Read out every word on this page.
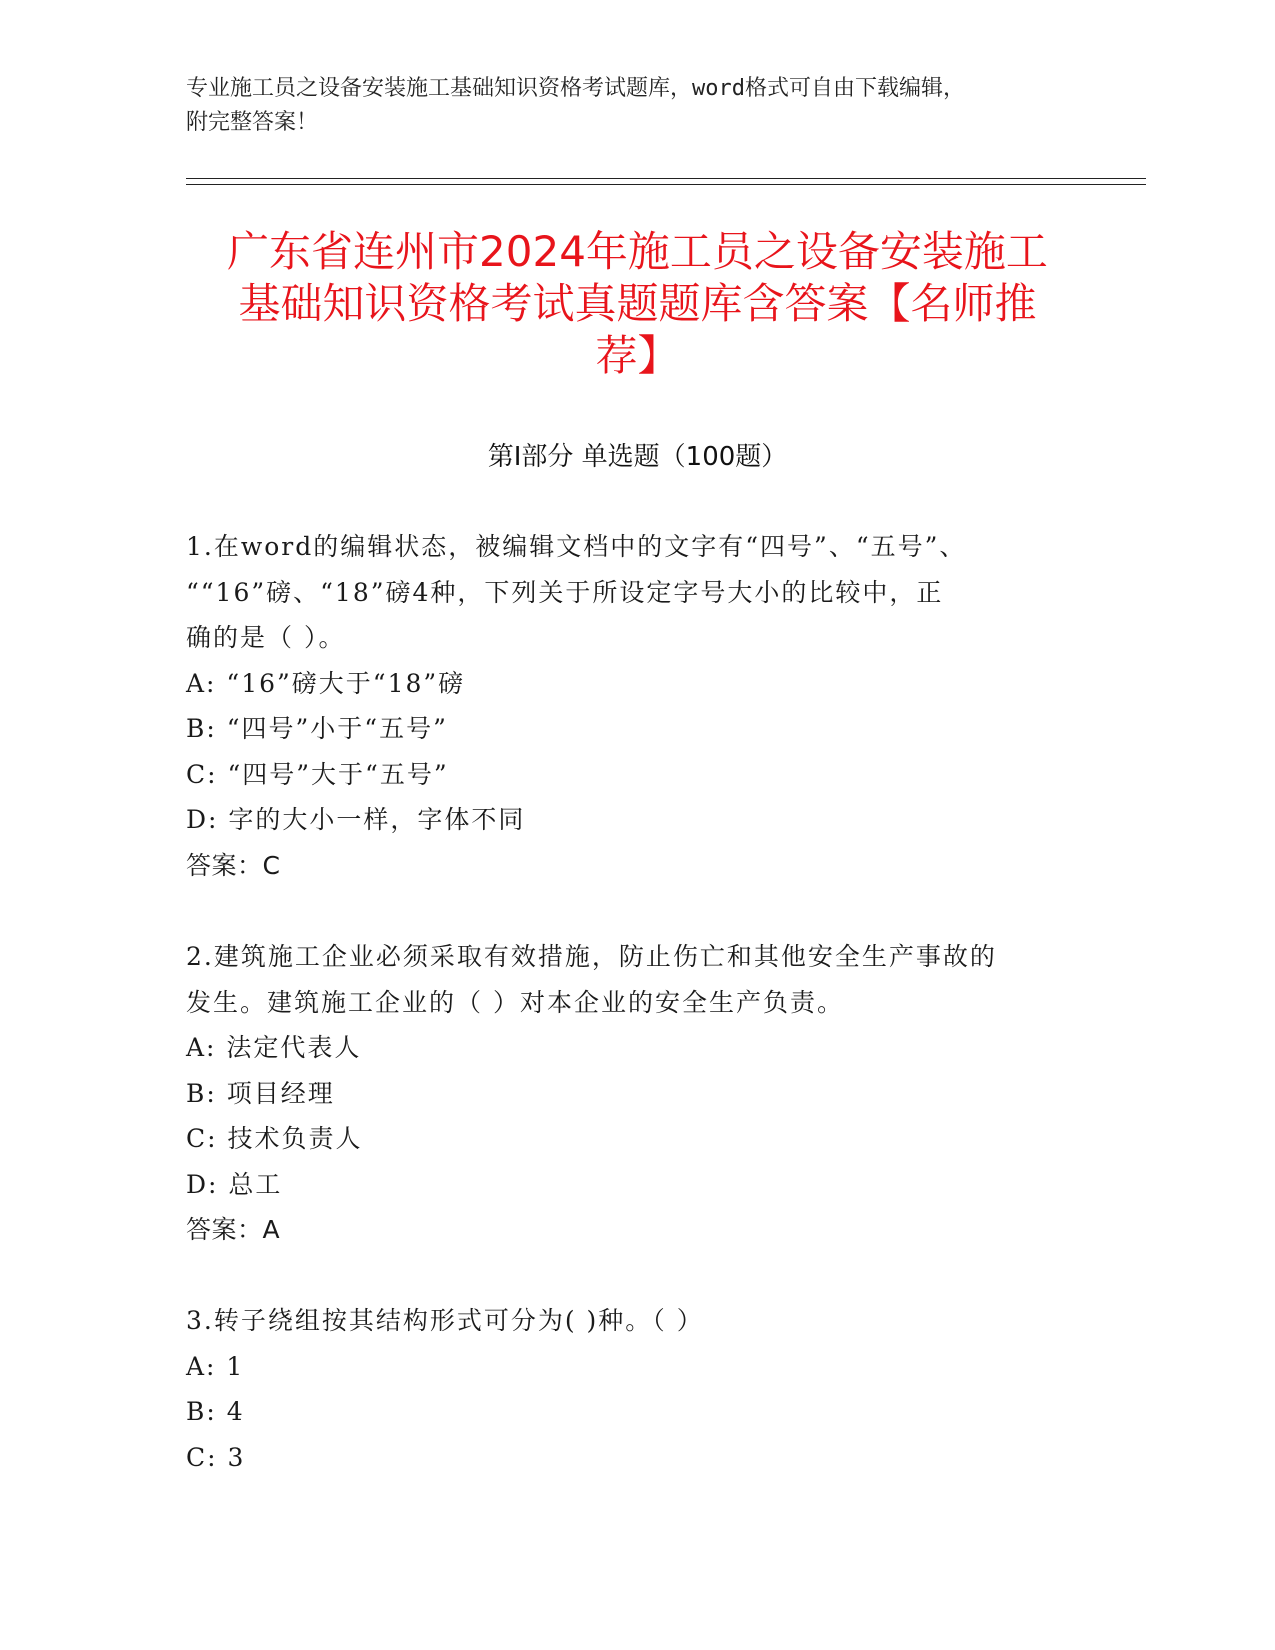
专业施工员之设备安装施工基础知识资格考试题库，word格式可自由下载编辑，
附完整答案！
广东省连州市2024年施工员之设备安装施工
基础知识资格考试真题题库含答案【名师推
荐】
第I部分 单选题（100题）

1.在word的编辑状态，被编辑文档中的文字有“四号”、“五号”、

““16”磅、“18”磅4种，下列关于所设定字号大小的比较中，正

确的是（ ）。

A: “16”磅大于“18”磅

B: “四号”小于“五号”

C: “四号”大于“五号”

D: 字的大小一样，字体不同

答案：C

2.建筑施工企业必须采取有效措施，防止伤亡和其他安全生产事故的

发生。建筑施工企业的（ ）对本企业的安全生产负责。

A: 法定代表人

B: 项目经理

C: 技术负责人

D: 总工

答案：A

3.转子绕组按其结构形式可分为( )种。（ ）

A: 1

B: 4

C: 3
